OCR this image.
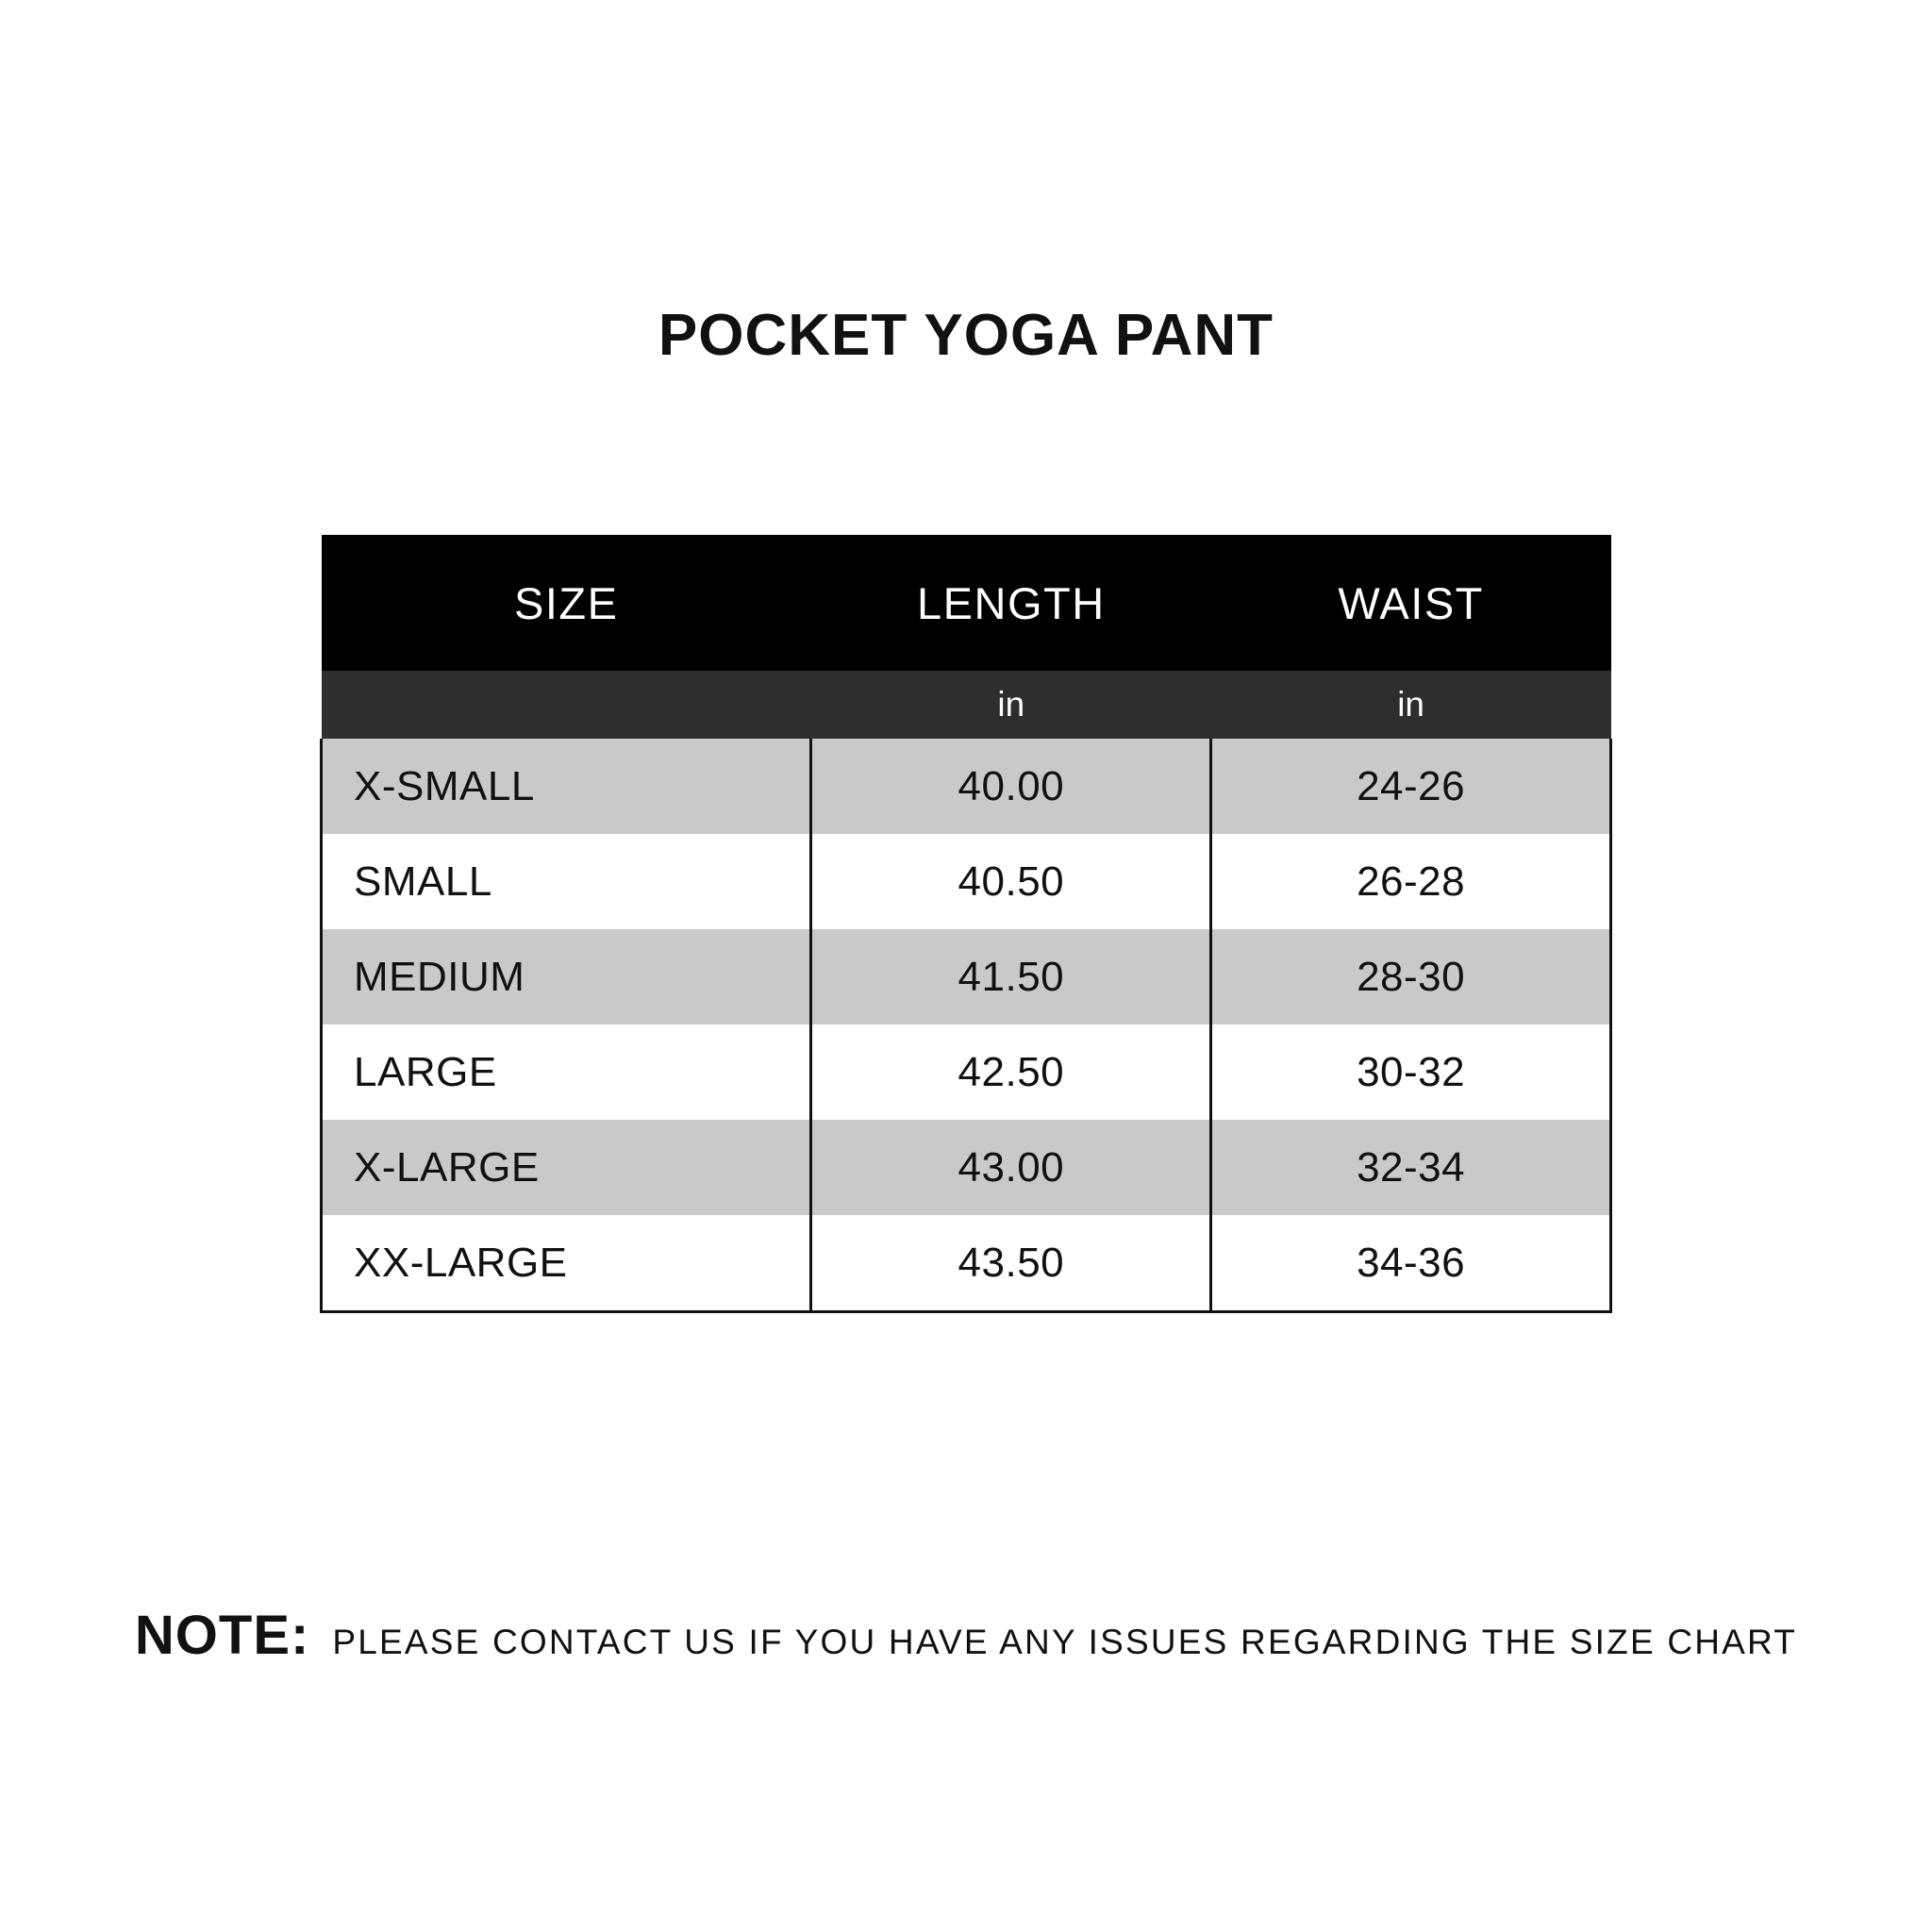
POCKET YOGA PANT
SIZE	LENGTH	WAIST
	in	in
X-SMALL	40.00	24-26
SMALL	40.50	26-28
MEDIUM	41.50	28-30
LARGE	42.50	30-32
X-LARGE	43.00	32-34
XX-LARGE	43.50	34-36
NOTE: PLEASE CONTACT US IF YOU HAVE ANY ISSUES REGARDING THE SIZE CHART
